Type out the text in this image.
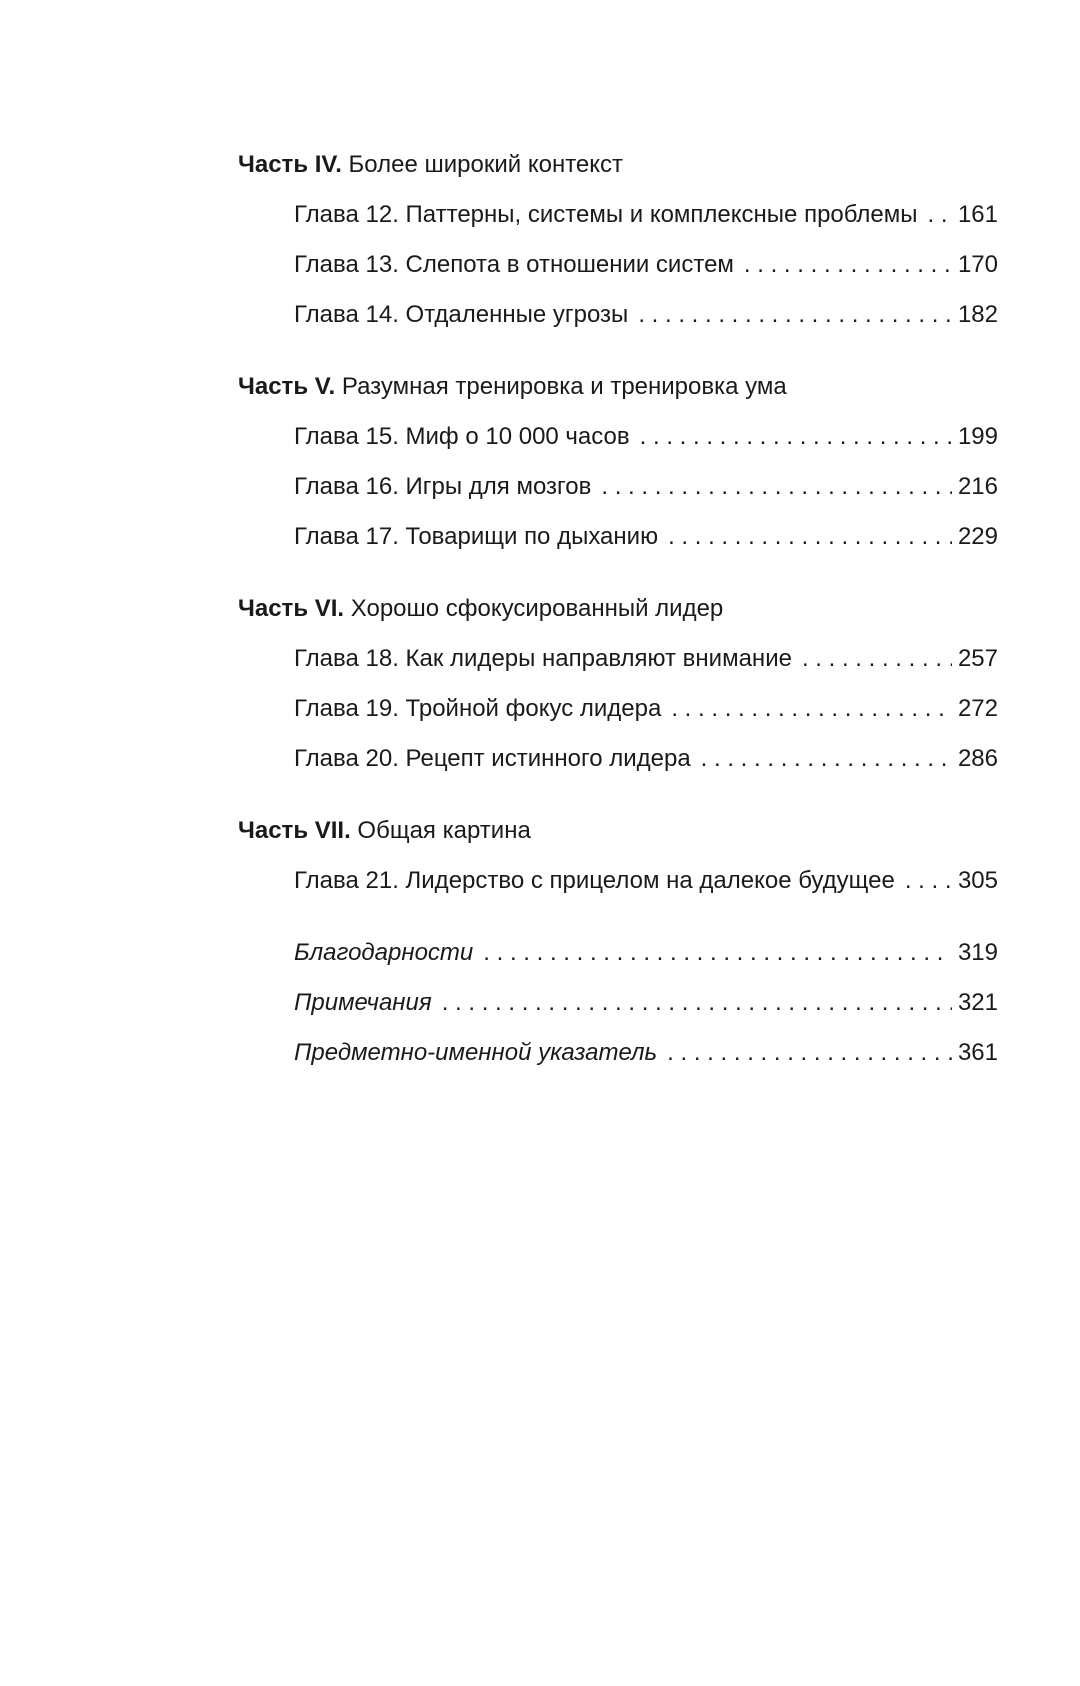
Часть IV. Более широкий контекст
Глава 12. Паттерны, системы и комплексные проблемы . . . 161
Глава 13. Слепота в отношении систем . . .	170
Глава 14. Отдаленные угрозы . . .	182
Часть V. Разумная тренировка и тренировка ума
Глава 15. Миф о 10 000 часов . . .	199
Глава 16. Игры для мозгов . . .	216
Глава 17. Товарищи по дыханию . . .	229
Часть VI. Хорошо сфокусированный лидер
Глава 18. Как лидеры направляют внимание . . .	257
Глава 19. Тройной фокус лидера . . .	272
Глава 20. Рецепт истинного лидера . . .	286
Часть VII. Общая картина
Глава 21. Лидерство с прицелом на далекое будущее . . .	305
Благодарности . . .	319
Примечания . . .	321
Предметно-именной указатель . . .	361
